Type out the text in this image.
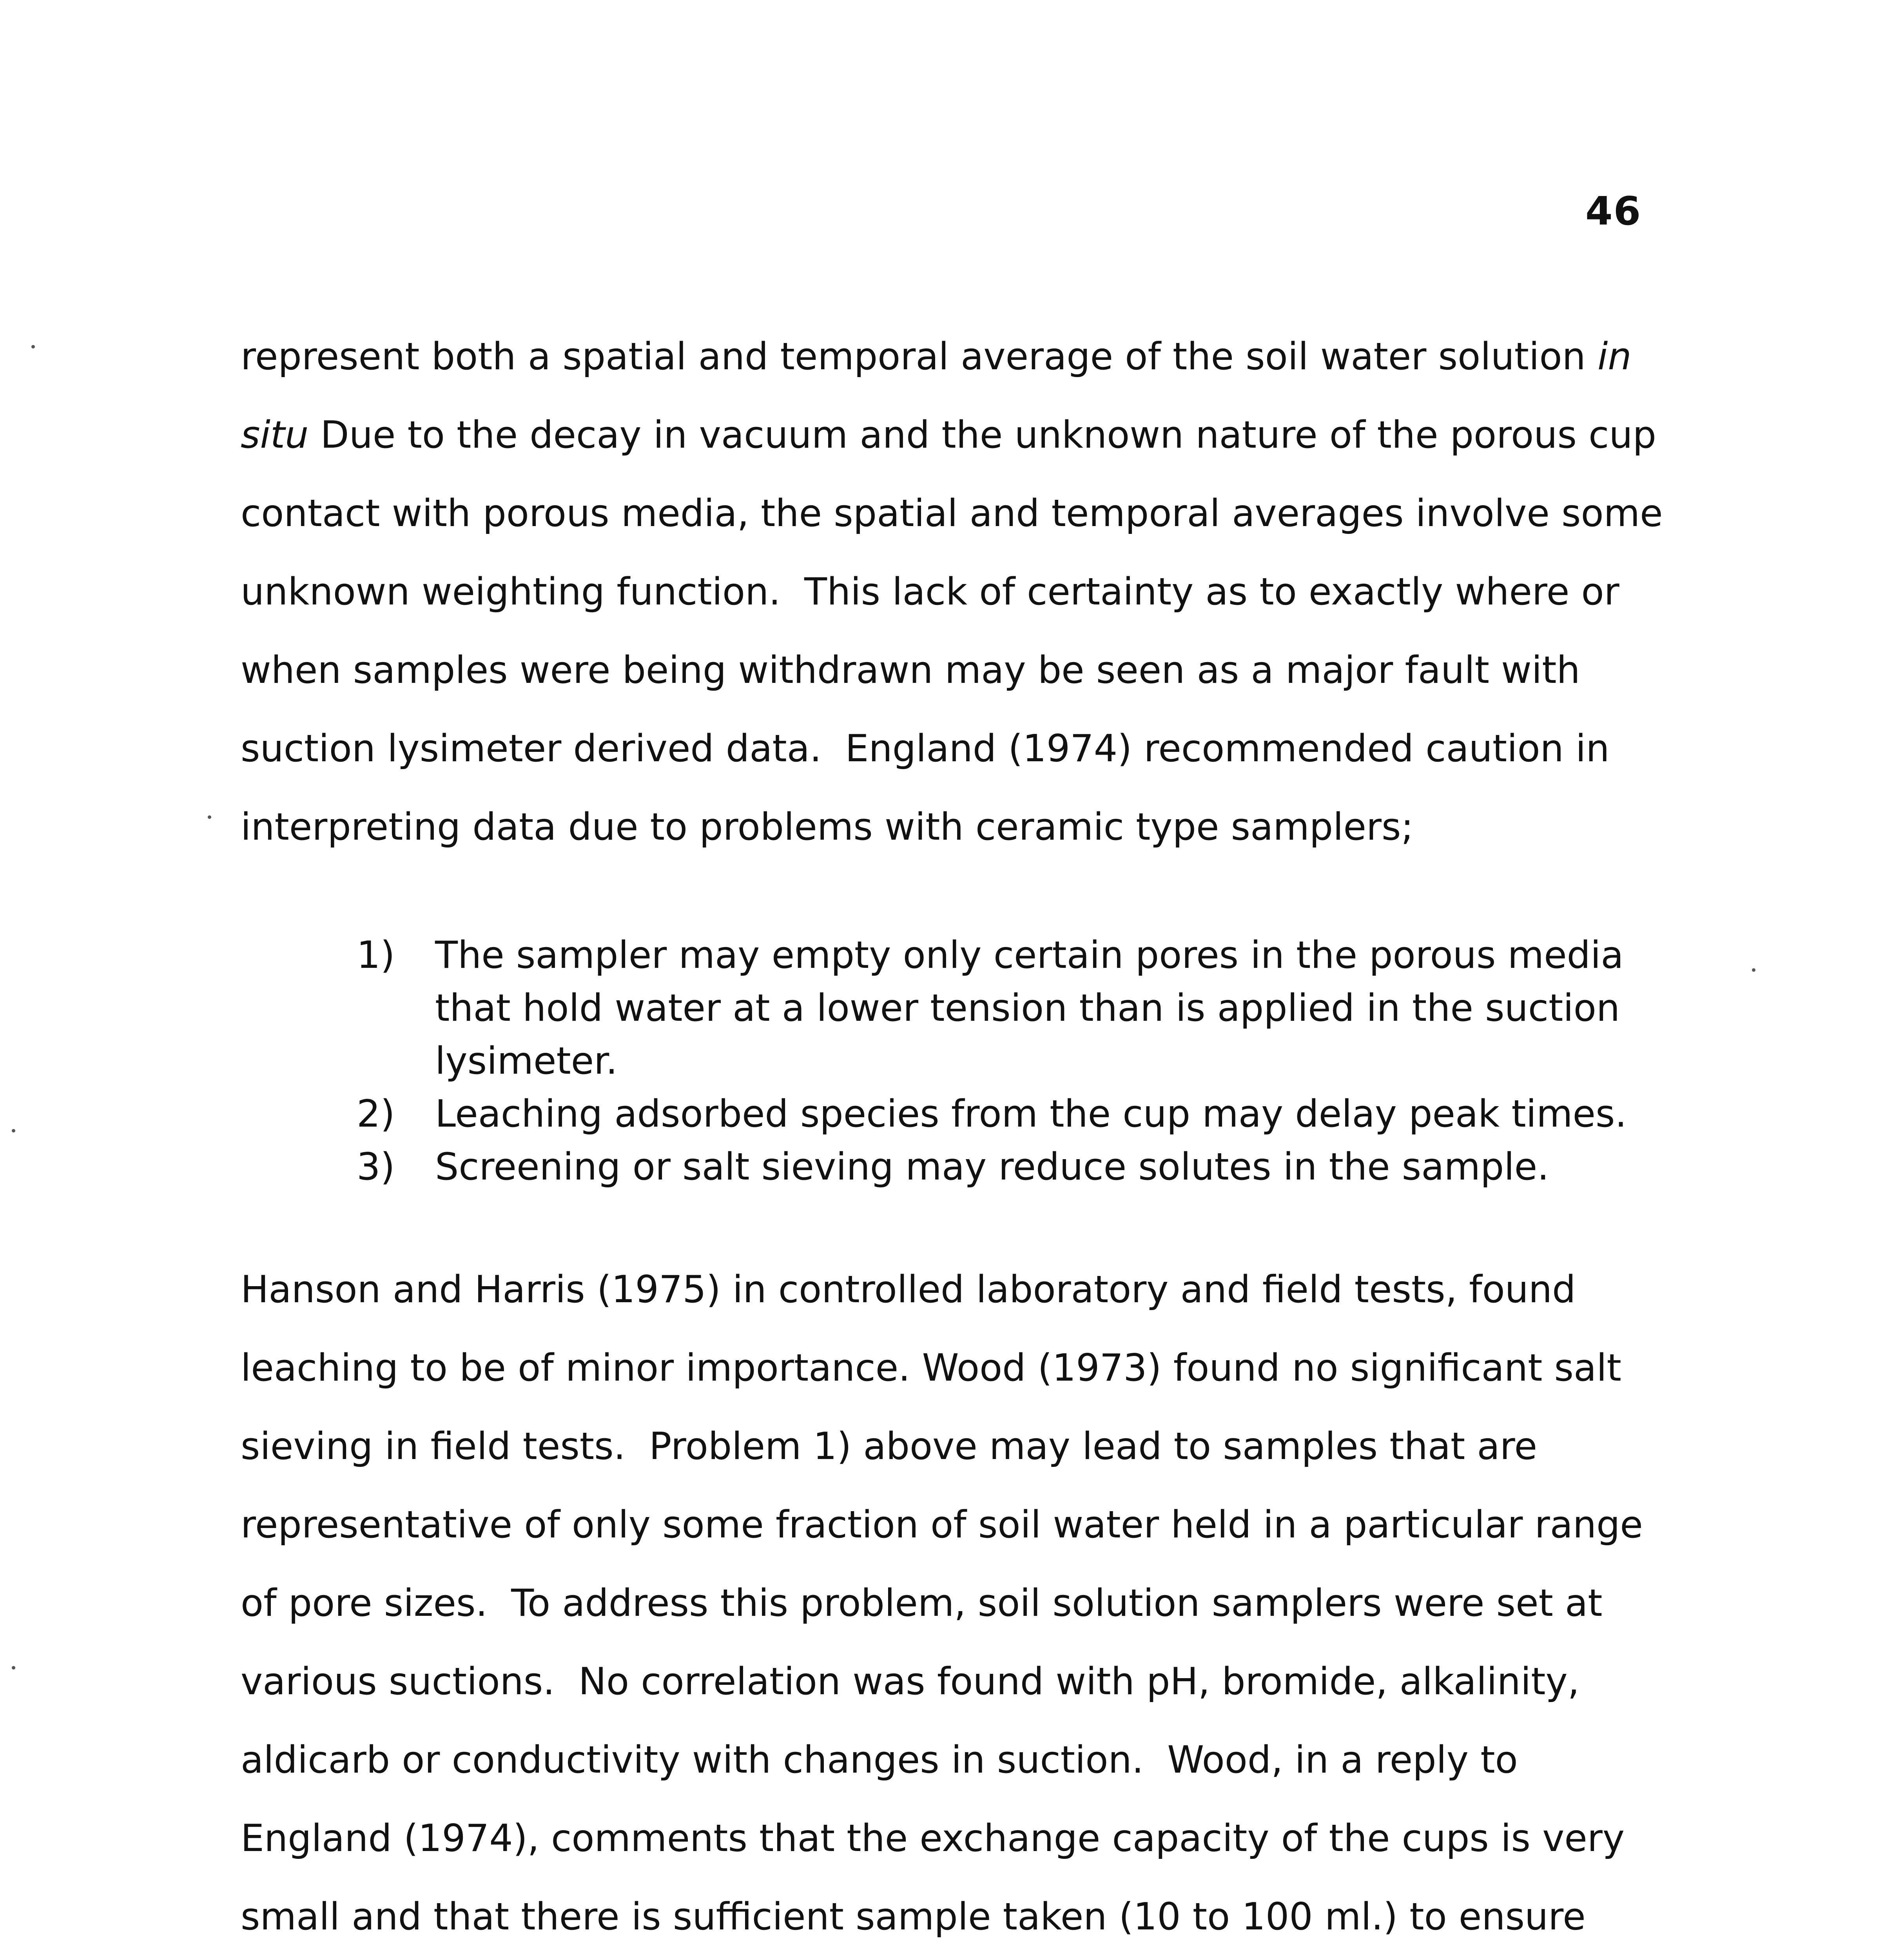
46

represent both a spatial and temporal average of the soil water solution in situ Due to the decay in vacuum and the unknown nature of the porous cup contact with porous media, the spatial and temporal averages involve some unknown weighting function.  This lack of certainty as to exactly where or when samples were being withdrawn may be seen as a major fault with suction lysimeter derived data.  England (1974) recommended caution in interpreting data due to problems with ceramic type samplers;

1) The sampler may empty only certain pores in the porous media that hold water at a lower tension than is applied in the suction lysimeter.
2) Leaching adsorbed species from the cup may delay peak times.
3) Screening or salt sieving may reduce solutes in the sample.

Hanson and Harris (1975) in controlled laboratory and field tests, found leaching to be of minor importance. Wood (1973) found no significant salt sieving in field tests.  Problem 1) above may lead to samples that are representative of only some fraction of soil water held in a particular range of pore sizes.  To address this problem, soil solution samplers were set at various suctions.  No correlation was found with pH, bromide, alkalinity, aldicarb or conductivity with changes in suction.  Wood, in a reply to England (1974), comments that the exchange capacity of the cups is very small and that there is sufficient sample taken (10 to 100 ml.) to ensure
